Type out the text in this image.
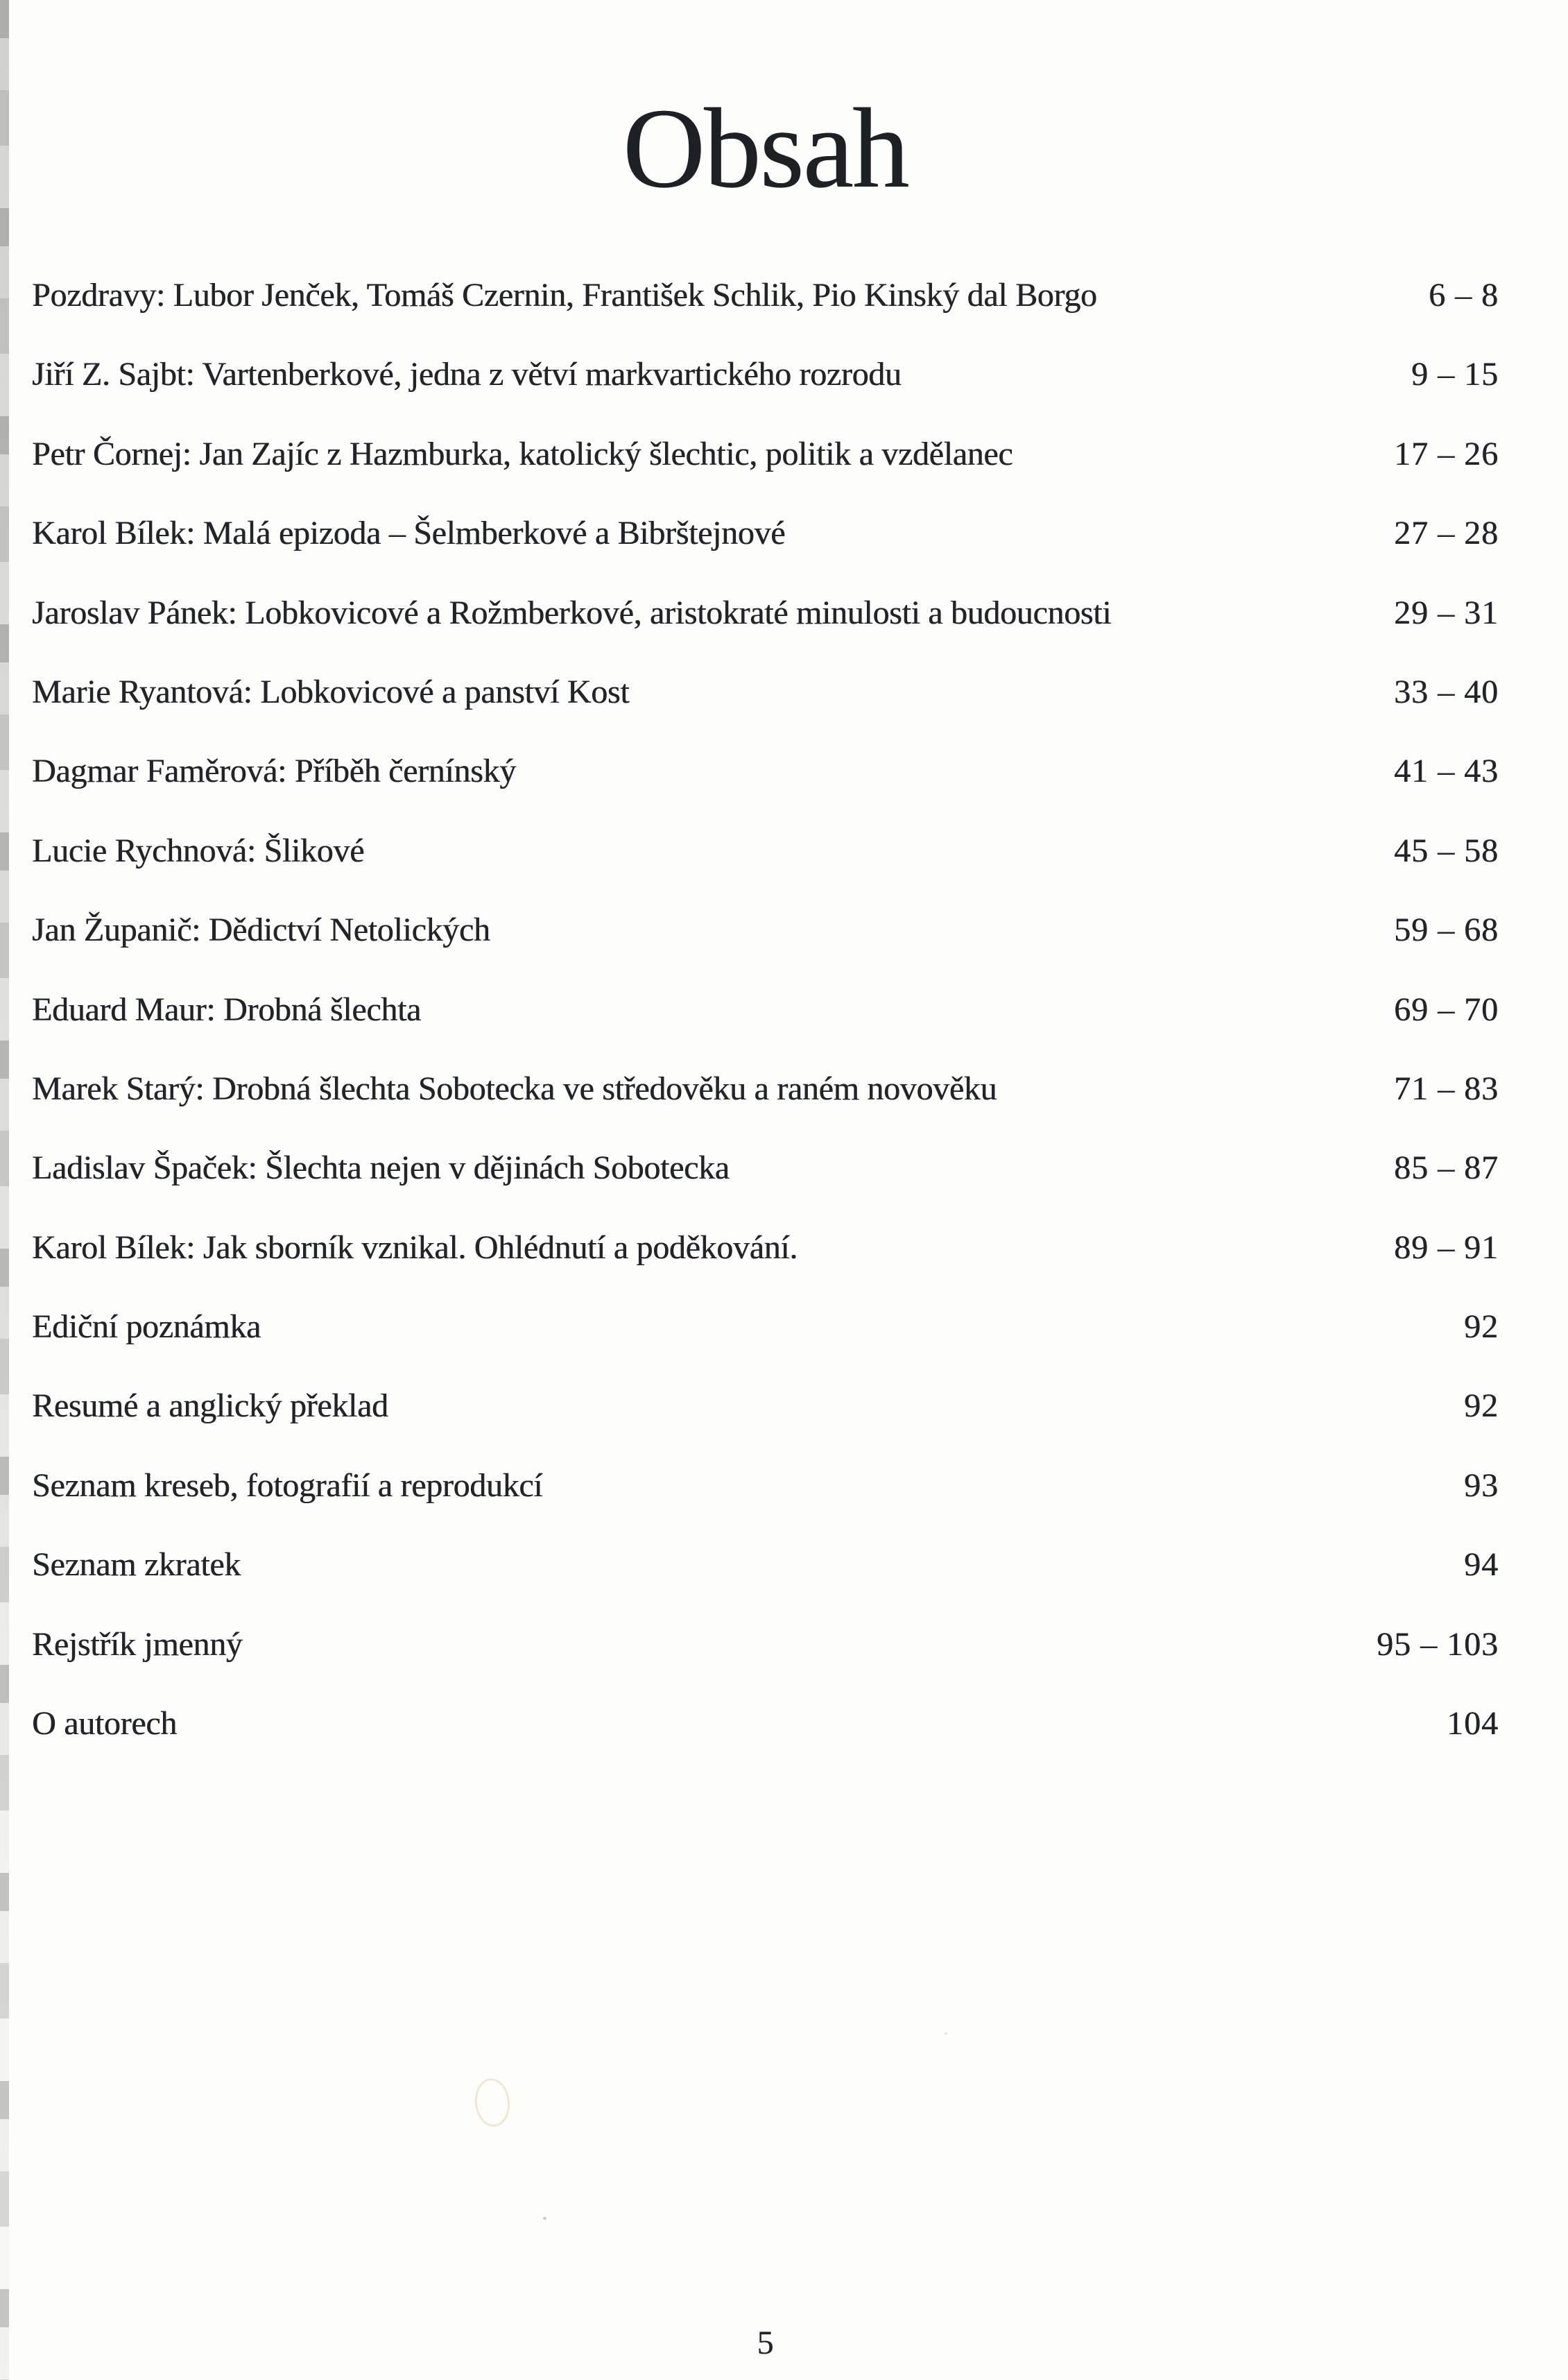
Obsah
Pozdravy: Lubor Jenček, Tomáš Czernin, František Schlik, Pio Kinský dal Borgo	6 – 8
Jiří Z. Sajbt: Vartenberkové, jedna z větví markvartického rozrodu	9 – 15
Petr Čornej: Jan Zajíc z Hazmburka, katolický šlechtic, politik a vzdělanec	17 – 26
Karol Bílek: Malá epizoda – Šelmberkové a Bibrštejnové	27 – 28
Jaroslav Pánek: Lobkovicové a Rožmberkové, aristokraté minulosti a budoucnosti	29 – 31
Marie Ryantová: Lobkovicové a panství Kost	33 – 40
Dagmar Faměrová: Příběh černínský	41 – 43
Lucie Rychnová: Šlikové	45 – 58
Jan Županič: Dědictví Netolických	59 – 68
Eduard Maur: Drobná šlechta	69 – 70
Marek Starý: Drobná šlechta Sobotecka ve středověku a raném novověku	71 – 83
Ladislav Špaček: Šlechta nejen v dějinách Sobotecka	85 – 87
Karol Bílek: Jak sborník vznikal. Ohlédnutí a poděkování.	89 – 91
Ediční poznámka	92
Resumé a anglický překlad	92
Seznam kreseb, fotografií a reprodukcí	93
Seznam zkratek	94
Rejstřík jmenný	95 – 103
O autorech	104
5
